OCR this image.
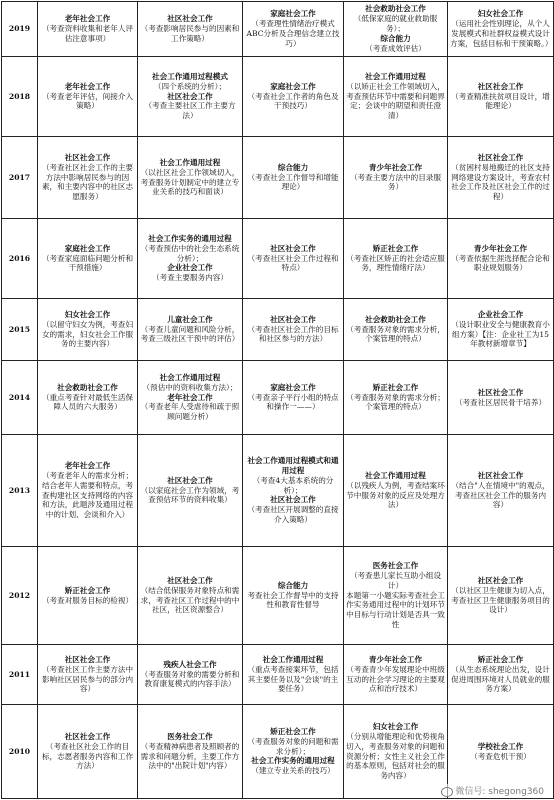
2019	老年社会工作
（考查资料收集和老年人评估注意事项）	社区社会工作
（考查影响居民参与的因素和工作策略）	家庭社会工作
（考查理性情绪治疗模式ABC分析及合理信念建立技巧）	社会救助社会工作
（低保家庭的就业救助服务）；
综合能力
（考查成效评估）	妇女社会工作
（运用社会性别理论，从个人发展模式和社群权益模式设计方案，包括目标和干预策略。）

2018	老年社会工作
（考查老年评估，间接介入策略）	社会工作通用过程模式
（四个系统的分析）；
社区社会工作
（考查主要社区工作主要方法）	家庭社会工作
（考查社会工作者的角色及干预技巧）	社会工作通用过程
（以矫正社会工作领域切入，考查预估环节中需要和问题界定；会谈中的期望和责任澄清）	社区社会工作
（考查精准扶贫项目设计，增能理论）

2017	社区社会工作
（考查社区社会工作的主要方法中影响居民参与的因素，和主要内容中的社区志愿服务）	社会工作通用过程
（以社区社会工作领域切入，考查服务计划制定中的建立专业关系的技巧和面谈）	综合能力
（考查社会工作督导和增能理论）	青少年社会工作
（考查主要方法中的目录服务）	社区社会工作
（贫困村易地搬迁的社区支持网络建设方案设计，考查农村社会工作及社区社会工作的过程）

2016	家庭社会工作
（考查家庭面临问题分析和干预措施）	社会工作实务的通用过程
（考查预估中的社会生态系统分析）；
企业社会工作
（考查主要服务内容）	社区社会工作
（考查社区社会工作过程和特点）	矫正社会工作
（考查社区矫正的社会适应服务，理性情绪疗法）	青少年社会工作
（考查依据生涯选择配合论和职业规划服务）

2015	妇女社会工作
（以留守妇女为例，考查妇女的需求，妇女社会工作服务的主要内容）	儿童社会工作
（考查儿童问题和风险分析，考查三级社区干预中的评估）	社区社会工作
（考查社区社会工作的目标和社区参与的方法）	社会救助社会工作
（考查服务对象的需求分析，个案管理的特点）	企业社会工作
（设计职业安全与健康教育小组方案）【注：企业社工为15年教材新增章节】

2014	社会救助社会工作
（重点考查针对最低生活保障人员的六大服务）	社会工作通用过程
（预估中的资料收集方法）；
老年社会工作
（考查老年人受虐待和疏于照顾问题分析）	家庭社会工作
（考查亲子平行小组的特点和操作一——）	矫正社会工作
（考查服务对象的需求分析；个案管理的特点）	社区社会工作
（考查社区居民骨干培养）

2013	老年社会工作
（考查老年人的需求分析；结合老年人需要和特点，考查构建社区支持网络的内容和方法，此题涉及通用过程中的计划、会谈和介入）	社区社会工作
（以家庭社会工作为领域，考查预估环节的资料收集）	社会工作通用过程模式和通用过程
（考查4大基本系统的分析）；
社区社会工作
（考查社区开展调整的直接介入策略）	社会工作通用过程
（以残疾人为例，考查结案环节中服务对象的反应及处理方法）	社区社会工作
（结合"人在情境中"的观点，考查社区社会工作的服务内容）

2012	矫正社会工作
（考查对服务目标的检视）	社区社会工作
（结合低保服务对象特点和需求，考查社区工作过程中的中社区，社区资源整合）	综合能力
考查社会工作督导中的支持性和教育性督导	医务社会工作
（考查患儿家长互助小组设计）
本题第一小题实际考查社会工作实务通用过程中的计划环节中目标与行动计划是否具一致性	社区社会工作
（以社区卫生健康为切入点，考查社区卫生健康服务项目的设计）

2011	社区社会工作
（考查社区工作主要方法中影响社区居民参与的部分内容）	残疾人社会工作
（考查服务对象的需要分析和教育康复模式的内容手法）	社会工作通用过程
（重点考查接案环节，包括其主要任务以及"会谈"的主要任务）	青少年社会工作
（考查青少年发展理论中班级互动的社会学习理论的主要观点和治疗技术）	矫正社会工作
（从生态系统理论出发，设计促进周围环境对人员就业的服务方案）

2010	社区社会工作
（考查社区社会工作的目标，志愿者服务内容和工作方法）	医务社会工作
（考查精神病患者及照顾者的需求和问题分析，主要工作方法中的"出院计划"内容）	矫正社会工作
（考查服务对象的问题和需求分析）；
社会工作实务的通用过程
（建立专业关系的技巧）	妇女社会工作
（分别从增能理论和优势视角切入，考查服务对象的问题和资源分析；女性主义社会工作的基本原则，包括对社会的服务内容）	学校社会工作
（考查危机干预）
微信号: shegong360
